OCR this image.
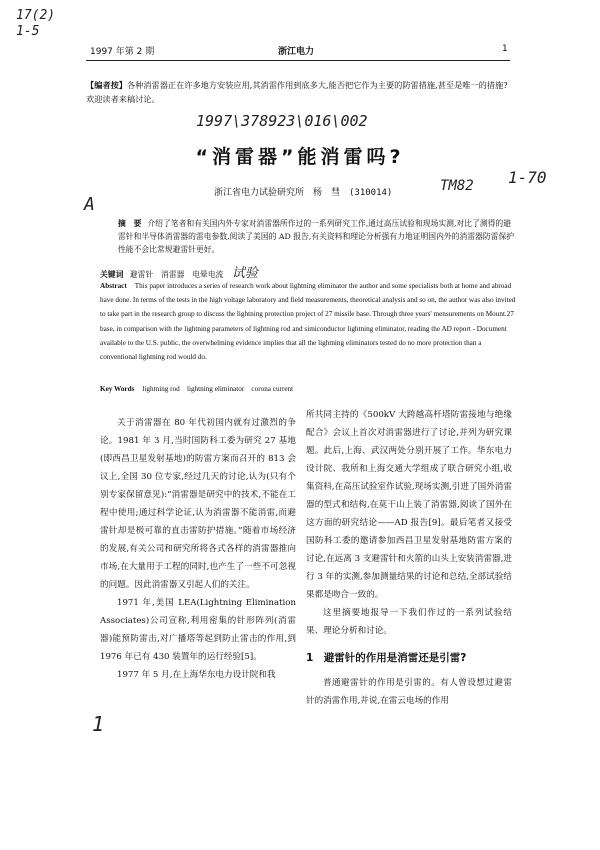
17(2)
1-5
1997\378923\016\002
TM82 1-70
A
1
1997 年第 2 期	浙江电力	1
【编者按】各种消雷器正在许多地方安装应用,其消雷作用到底多大,能否把它作为主要的防雷措施,甚至是唯一的措施?欢迎读者来稿讨论。
“消雷器”能消雷吗?
浙江省电力试验研究所　杨　彗　(310014)
摘　要 介绍了笔者和有关国内外专家对消雷器所作过的一系列研究工作,通过高压试验和现场实测,对比了测得的避雷针和半导体消雷器的雷电参数,阅读了美国的 AD 报告,有关资料和理论分析强有力地证明国内外的消雷器防雷保护性能不会比常规避雷针更好。
关键词 避雷针　消雷器　电晕电流 试验
Abstract This paper introduces a series of research work about lightning eliminator the author and some specialists both at home and abroad have done. In terms of the tests in the high voltage laboratory and field measurements, theoretical analysis and so on, the author was also invited to take part in the research group to discuss the lightning protection project of 27 missile base. Through three years' mensurements on Mount.27 base, in comparison with the lightning parameters of lightning rod and simiconductor lightning eliminator, reading the AD report - Document available to the U.S. public, the overwhelming evidence implies that all the lightning eliminators tested do no more protection than a conventional lightning rod would do.
Key Words lightning rod　lightning eliminator　corona current

关于消雷器在 80 年代初国内就有过激烈的争论。1981 年 3 月,当时国防科工委为研究 27 基地(即西昌卫星发射基地)的防雷方案而召开的 813 会议上,全国 30 位专家,经过几天的讨论,认为(只有个别专家保留意见):“消雷器是研究中的技术,不能在工程中使用;通过科学论证,认为消雷器不能消雷,而避雷针却是极可靠的直击雷防护措施。”随着市场经济的发展,有关公司和研究所将各式各样的消雷器推向市场,在大量用于工程的同时,也产生了一些不可忽视的问题。因此消雷器又引起人们的关注。

1971 年,美国 LEA(Lightning Elimination Associates)公司宣称,利用密集的针形阵列(消雷器)能预防雷击,对广播塔等起到防止雷击的作用,到 1976 年已有 430 装置年的运行经验[5]。

1977 年 5 月,在上海华东电力设计院和我

所共同主持的《500kV 大跨越高杆塔防雷接地与绝缘配合》会议上首次对消雷器进行了讨论,并列为研究课题。此后,上海、武汉两处分别开展了工作。华东电力设计院、我所和上海交通大学组成了联合研究小组,收集资料,在高压试验室作试验,现场实测,引进了国外消雷器的型式和结构,在莫干山上装了消雷器,阅读了国外在这方面的研究结论——AD 报告[9]。最后笔者又接受国防科工委的邀请参加西昌卫星发射基地防雷方案的讨论,在远离 3 支避雷针和火箭的山头上安装消雷器,进行 3 年的实测,参加测量结果的讨论和总结,全部试验结果都是吻合一致的。

这里摘要地报导一下我们作过的一系列试验结果、理论分析和讨论。

1　避雷针的作用是消雷还是引雷?

普通避雷针的作用是引雷的。有人曾设想过避雷针的消雷作用,并说,在雷云电场的作用
